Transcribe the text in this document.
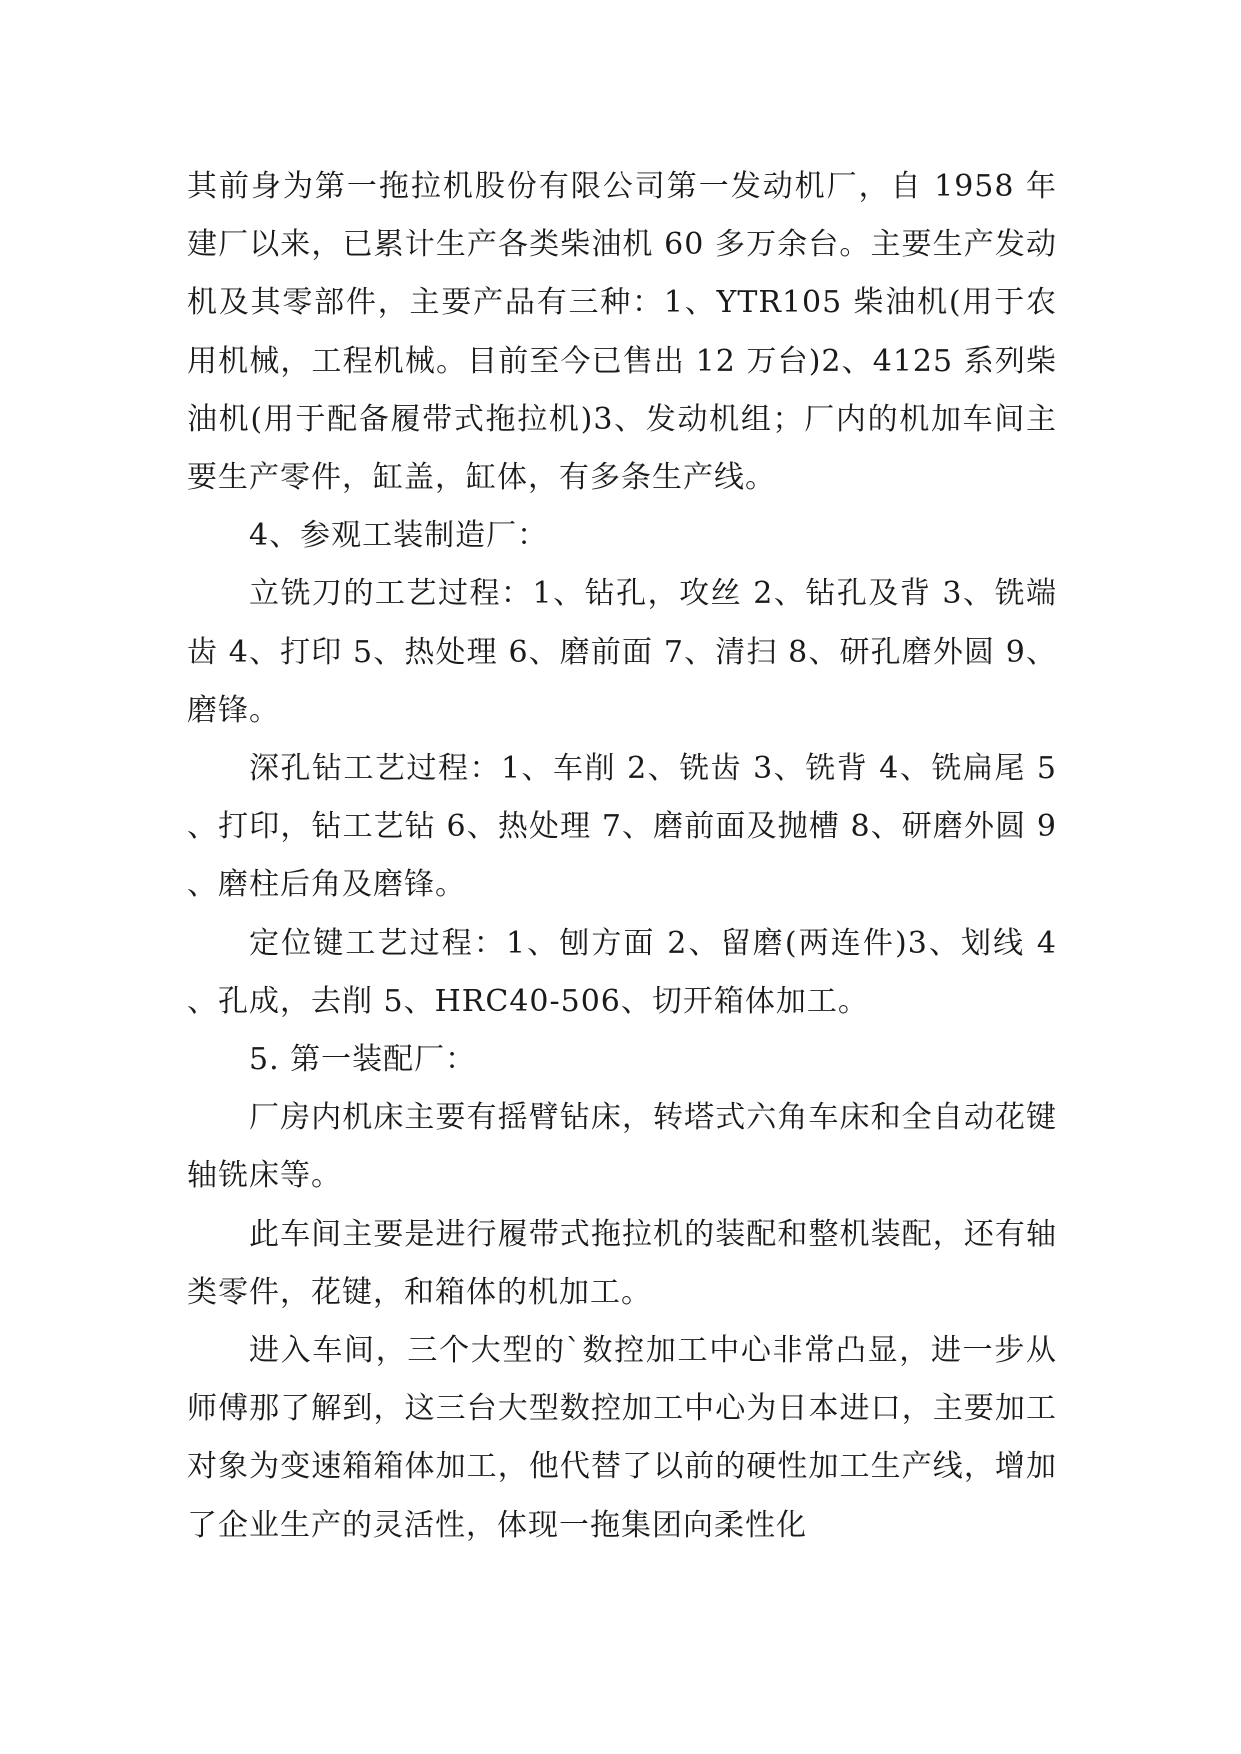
其前身为第一拖拉机股份有限公司第一发动机厂，自 1958 年建厂以来，已累计生产各类柴油机 60 多万余台。主要生产发动机及其零部件，主要产品有三种：1、YTR105 柴油机(用于农用机械，工程机械。目前至今已售出 12 万台)2、4125 系列柴油机(用于配备履带式拖拉机)3、发动机组；厂内的机加车间主要生产零件，缸盖，缸体，有多条生产线。

4、参观工装制造厂：

立铣刀的工艺过程：1、钻孔，攻丝 2、钻孔及背 3、铣端齿 4、打印 5、热处理 6、磨前面 7、清扫 8、研孔磨外圆 9、磨锋。

深孔钻工艺过程：1、车削 2、铣齿 3、铣背 4、铣扁尾 5、打印，钻工艺钻 6、热处理 7、磨前面及抛槽 8、研磨外圆 9、磨柱后角及磨锋。

定位键工艺过程：1、刨方面 2、留磨(两连件)3、划线 4、孔成，去削 5、HRC40-506、切开箱体加工。

5. 第一装配厂：

厂房内机床主要有摇臂钻床，转塔式六角车床和全自动花键轴铣床等。

此车间主要是进行履带式拖拉机的装配和整机装配，还有轴类零件，花键，和箱体的机加工。

进入车间，三个大型的`数控加工中心非常凸显，进一步从师傅那了解到，这三台大型数控加工中心为日本进口，主要加工对象为变速箱箱体加工，他代替了以前的硬性加工生产线，增加了企业生产的灵活性，体现一拖集团向柔性化
